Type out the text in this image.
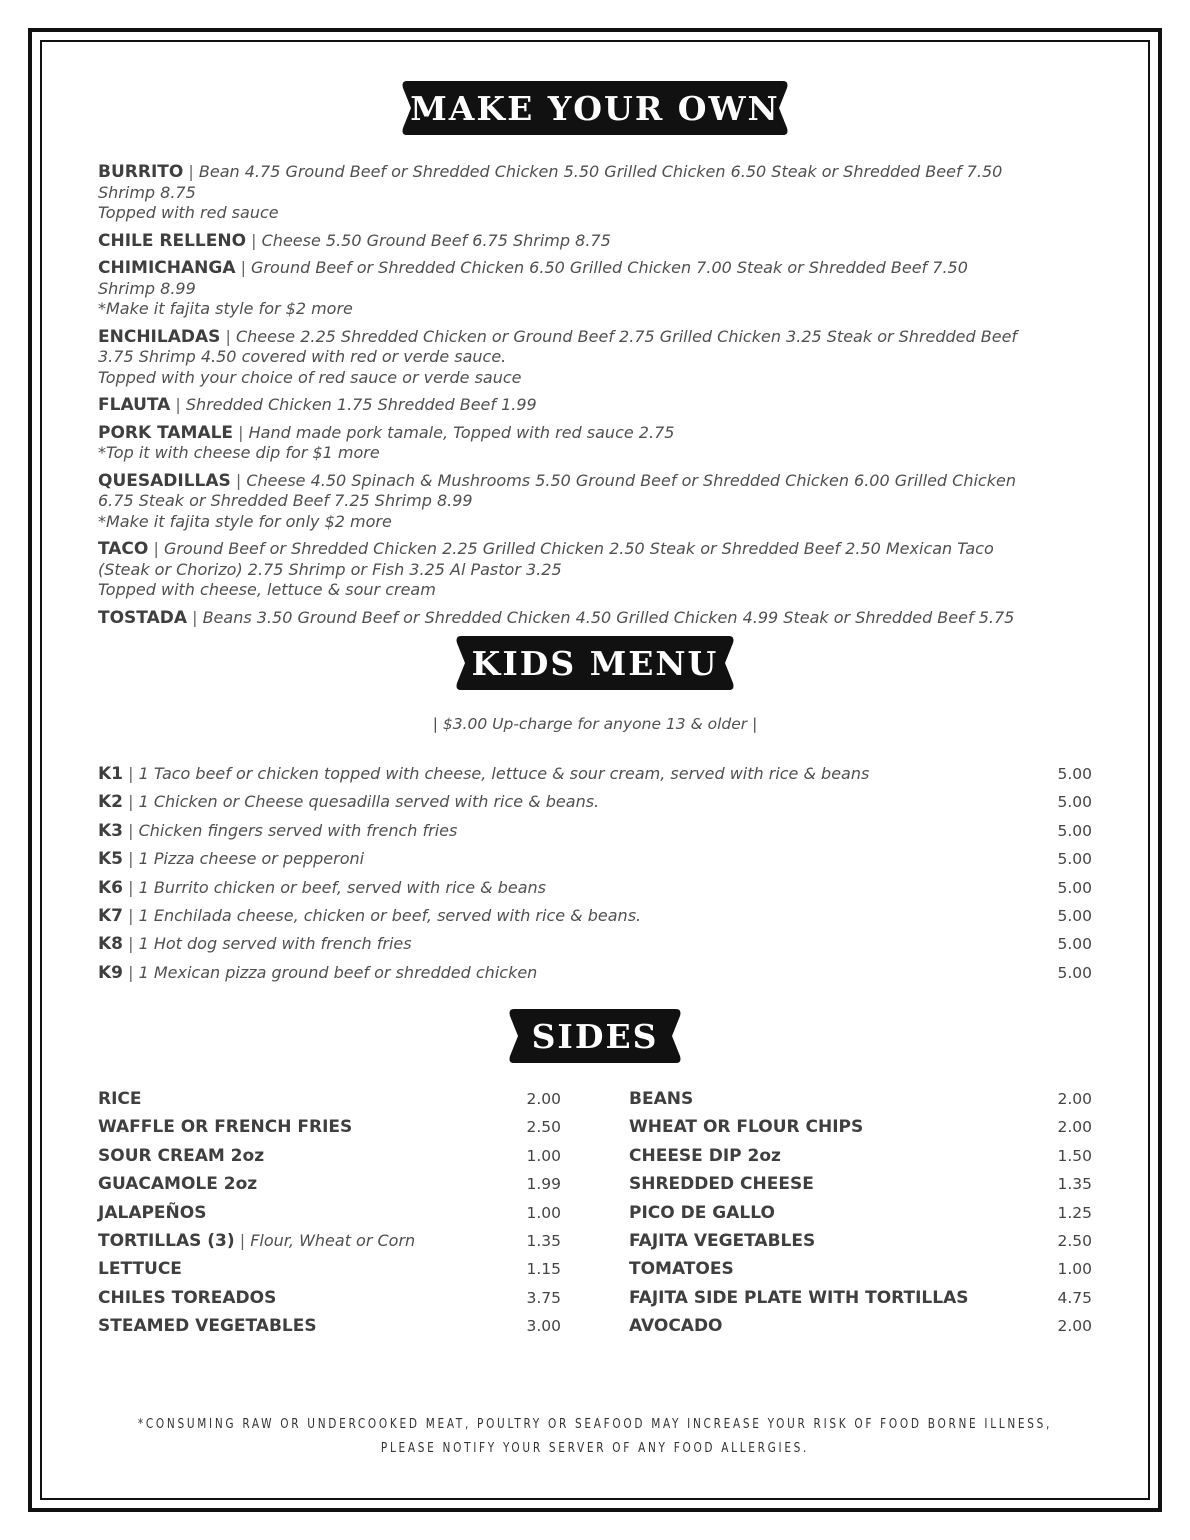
MAKE YOUR OWN
BURRITO | Bean 4.75 Ground Beef or Shredded Chicken 5.50 Grilled Chicken 6.50 Steak or Shredded Beef 7.50 Shrimp 8.75
Topped with red sauce
CHILE RELLENO | Cheese 5.50 Ground Beef 6.75 Shrimp 8.75
CHIMICHANGA | Ground Beef or Shredded Chicken 6.50 Grilled Chicken 7.00 Steak or Shredded Beef 7.50 Shrimp 8.99
*Make it fajita style for $2 more
ENCHILADAS | Cheese 2.25 Shredded Chicken or Ground Beef 2.75 Grilled Chicken 3.25 Steak or Shredded Beef 3.75 Shrimp 4.50 covered with red or verde sauce.
Topped with your choice of red sauce or verde sauce
FLAUTA | Shredded Chicken 1.75 Shredded Beef 1.99
PORK TAMALE | Hand made pork tamale, Topped with red sauce 2.75
*Top it with cheese dip for $1 more
QUESADILLAS | Cheese 4.50 Spinach & Mushrooms 5.50 Ground Beef or Shredded Chicken 6.00 Grilled Chicken 6.75 Steak or Shredded Beef 7.25 Shrimp 8.99
*Make it fajita style for only $2 more
TACO | Ground Beef or Shredded Chicken 2.25 Grilled Chicken 2.50 Steak or Shredded Beef 2.50 Mexican Taco (Steak or Chorizo) 2.75 Shrimp or Fish 3.25 Al Pastor 3.25
Topped with cheese, lettuce & sour cream
TOSTADA | Beans 3.50 Ground Beef or Shredded Chicken 4.50 Grilled Chicken 4.99 Steak or Shredded Beef 5.75
KIDS MENU
| $3.00 Up-charge for anyone 13 & older |
K1 | 1 Taco beef or chicken topped with cheese, lettuce & sour cream, served with rice & beans	5.00
K2 | 1 Chicken or Cheese quesadilla served with rice & beans.	5.00
K3 | Chicken fingers served with french fries	5.00
K5 | 1 Pizza cheese or pepperoni	5.00
K6 | 1 Burrito chicken or beef, served with rice & beans	5.00
K7 | 1 Enchilada cheese, chicken or beef, served with rice & beans.	5.00
K8 | 1 Hot dog served with french fries	5.00
K9 | 1 Mexican pizza ground beef or shredded chicken	5.00
SIDES
RICE	2.00
WAFFLE OR FRENCH FRIES	2.50
SOUR CREAM 2oz	1.00
GUACAMOLE 2oz	1.99
JALAPEÑOS	1.00
TORTILLAS (3) | Flour, Wheat or Corn	1.35
LETTUCE	1.15
CHILES TOREADOS	3.75
STEAMED VEGETABLES	3.00
BEANS	2.00
WHEAT OR FLOUR CHIPS	2.00
CHEESE DIP 2oz	1.50
SHREDDED CHEESE	1.35
PICO DE GALLO	1.25
FAJITA VEGETABLES	2.50
TOMATOES	1.00
FAJITA SIDE PLATE WITH TORTILLAS	4.75
AVOCADO	2.00
*CONSUMING RAW OR UNDERCOOKED MEAT, POULTRY OR SEAFOOD MAY INCREASE YOUR RISK OF FOOD BORNE ILLNESS,
PLEASE NOTIFY YOUR SERVER OF ANY FOOD ALLERGIES.
